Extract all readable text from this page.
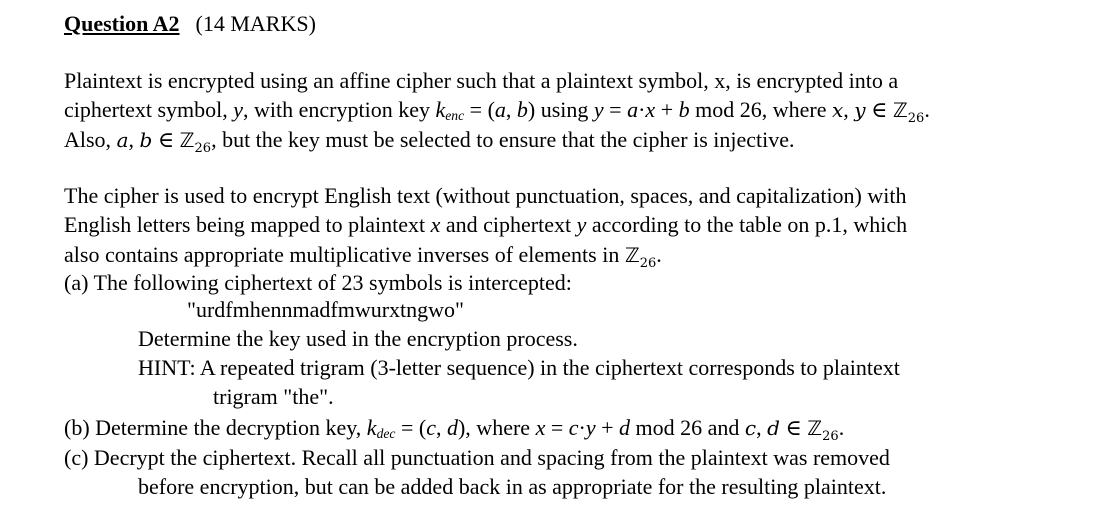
Question A2 (14 MARKS)
Plaintext is encrypted using an affine cipher such that a plaintext symbol, x, is encrypted into a
ciphertext symbol, y, with encryption key $k_{enc} = (a$, b) using y = a·x + b mod 26, where x, y ∈ ℤ$_{26}$.
Also, a, b ∈ ℤ$_{26}$, but the key must be selected to ensure that the cipher is injective.
The cipher is used to encrypt English text (without punctuation, spaces, and capitalization) with
English letters being mapped to plaintext x and ciphertext y according to the table on p.1, which
also contains appropriate multiplicative inverses of elements in ℤ$_{26}$.
(a) The following ciphertext of 23 symbols is intercepted:
"urdfmhennmadfmwurxtngwo"
Determine the key used in the encryption process.
HINT: A repeated trigram (3-letter sequence) in the ciphertext corresponds to plaintext
trigram "the".
(b) Determine the decryption key, $k_{dec} = (c$, d), where x = c·y + d mod 26 and c, d ∈ ℤ$_{26}$.
(c) Decrypt the ciphertext. Recall all punctuation and spacing from the plaintext was removed
before encryption, but can be added back in as appropriate for the resulting plaintext.
